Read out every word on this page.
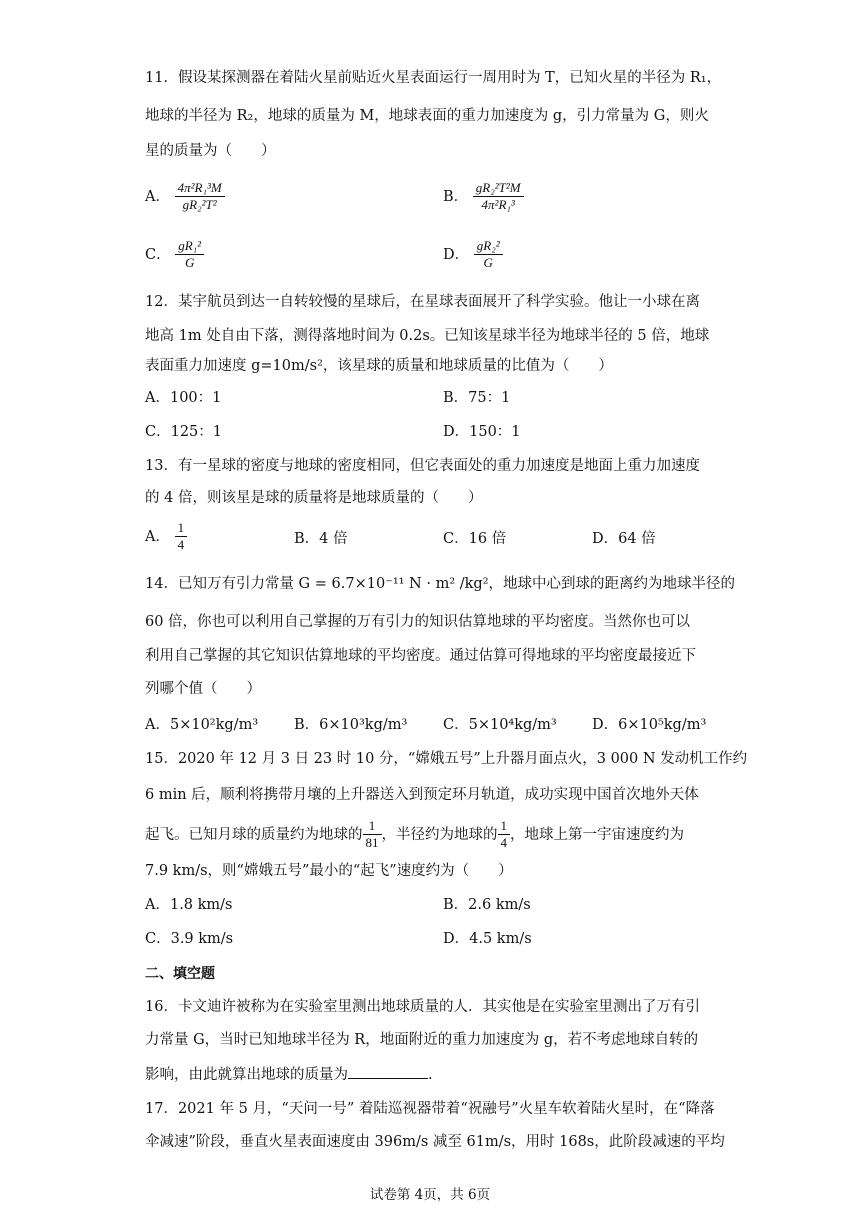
11．假设某探测器在着陆火星前贴近火星表面运行一周用时为 T，已知火星的半径为 R₁，
地球的半径为 R₂，地球的质量为 M，地球表面的重力加速度为 g，引力常量为 G，则火
星的质量为（　　）
A． $\frac{\text{4π²R₁³M}}{\text{gR₂²T²}}$	B． $\frac{\text{gR₂²T²M}}{\text{4π²R₁³}}$
C． $\frac{\text{gR₁²}}{G}$	D． $\frac{\text{gR₂²}}{G}$
12．某宇航员到达一自转较慢的星球后，在星球表面展开了科学实验。他让一小球在离
地高 1m 处自由下落，测得落地时间为 0.2s。已知该星球半径为地球半径的 5 倍，地球
表面重力加速度 g=10m/s²，该星球的质量和地球质量的比值为（　　）
A．100：1	B．75：1
C．125：1	D．150：1
13．有一星球的密度与地球的密度相同，但它表面处的重力加速度是地面上重力加速度
的 4 倍，则该星是球的质量将是地球质量的（　　）
A． $\frac{1}{4}$	B．4 倍	C．16 倍	D．64 倍
14．已知万有引力常量 G = 6.7×10⁻¹¹ N · m² /kg²，地球中心到球的距离约为地球半径的
60 倍，你也可以利用自己掌握的万有引力的知识估算地球的平均密度。当然你也可以
利用自己掌握的其它知识估算地球的平均密度。通过估算可得地球的平均密度最接近下
列哪个值（　　）
A．5×10²kg/m³ B．6×10³kg/m³ C．5×10⁴kg/m³ D．6×10⁵kg/m³
15．2020 年 12 月 3 日 23 时 10 分，“嫦娥五号”上升器月面点火，3 000 N 发动机工作约
6 min 后，顺利将携带月壤的上升器送入到预定环月轨道，成功实现中国首次地外天体
起飞。已知月球的质量约为地球的 $\frac{1}{81}$ ，半径约为地球的 $\frac{1}{4}$ ，地球上第一宇宙速度约为
7.9 km/s，则“嫦娥五号”最小的“起飞”速度约为（　　）
A．1.8 km/s	B．2.6 km/s
C．3.9 km/s	D．4.5 km/s
二、填空题
16．卡文迪许被称为在实验室里测出地球质量的人．其实他是在实验室里测出了万有引
力常量 G，当时已知地球半径为 R，地面附近的重力加速度为 g，若不考虑地球自转的
影响，由此就算出地球的质量为	.
17．2021 年 5 月，“天问一号” 着陆巡视器带着“祝融号”火星车软着陆火星时，在“降落
伞减速”阶段，垂直火星表面速度由 396m/s 减至 61m/s，用时 168s，此阶段减速的平均
试卷第 4页，共 6页
